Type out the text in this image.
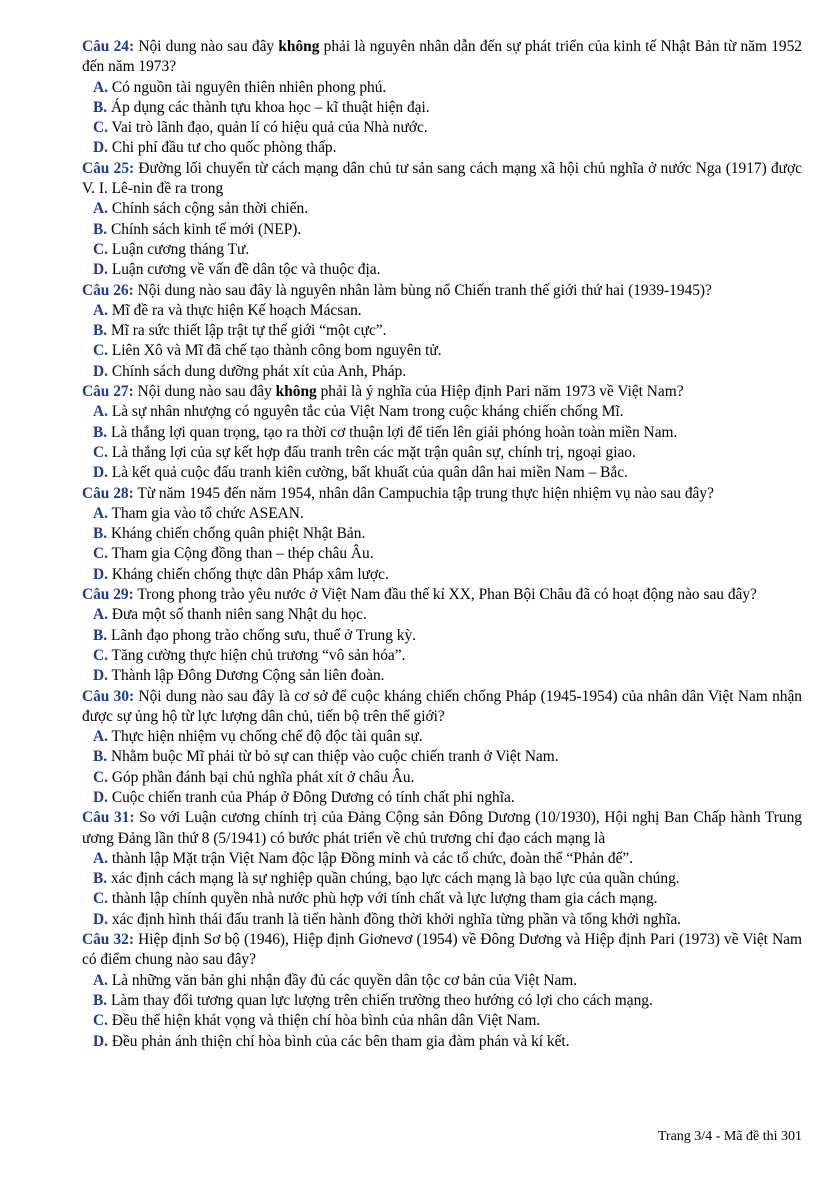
Câu 24: Nội dung nào sau đây không phải là nguyên nhân dẫn đến sự phát triển của kinh tế Nhật Bản từ năm 1952 đến năm 1973?

A. Có nguồn tài nguyên thiên nhiên phong phú.

B. Áp dụng các thành tựu khoa học – kĩ thuật hiện đại.

C. Vai trò lãnh đạo, quản lí có hiệu quả của Nhà nước.

D. Chi phí đầu tư cho quốc phòng thấp.

Câu 25: Đường lối chuyển từ cách mạng dân chủ tư sản sang cách mạng xã hội chủ nghĩa ở nước Nga (1917) được V. I. Lê-nin đề ra trong

A. Chính sách cộng sản thời chiến.

B. Chính sách kinh tế mới (NEP).

C. Luận cương tháng Tư.

D. Luận cương về vấn đề dân tộc và thuộc địa.

Câu 26: Nội dung nào sau đây là nguyên nhân làm bùng nổ Chiến tranh thế giới thứ hai (1939-1945)?

A. Mĩ đề ra và thực hiện Kế hoạch Mácsan.

B. Mĩ ra sức thiết lập trật tự thế giới “một cực”.

C. Liên Xô và Mĩ đã chế tạo thành công bom nguyên tử.

D. Chính sách dung dưỡng phát xít của Anh, Pháp.

Câu 27: Nội dung nào sau đây không phải là ý nghĩa của Hiệp định Pari năm 1973 về Việt Nam?

A. Là sự nhân nhượng có nguyên tắc của Việt Nam trong cuộc kháng chiến chống Mĩ.

B. Là thắng lợi quan trọng, tạo ra thời cơ thuận lợi để tiến lên giải phóng hoàn toàn miền Nam.

C. Là thắng lợi của sự kết hợp đấu tranh trên các mặt trận quân sự, chính trị, ngoại giao.

D. Là kết quả cuộc đấu tranh kiên cường, bất khuất của quân dân hai miền Nam – Bắc.

Câu 28: Từ năm 1945 đến năm 1954, nhân dân Campuchia tập trung thực hiện nhiệm vụ nào sau đây?

A. Tham gia vào tổ chức ASEAN.

B. Kháng chiến chống quân phiệt Nhật Bản.

C. Tham gia Cộng đồng than – thép châu Âu.

D. Kháng chiến chống thực dân Pháp xâm lược.

Câu 29: Trong phong trào yêu nước ở Việt Nam đầu thế kỉ XX, Phan Bội Châu đã có hoạt động nào sau đây?

A. Đưa một số thanh niên sang Nhật du học.

B. Lãnh đạo phong trào chống sưu, thuế ở Trung kỳ.

C. Tăng cường thực hiện chủ trương “vô sản hóa”.

D. Thành lập Đông Dương Cộng sản liên đoàn.

Câu 30: Nội dung nào sau đây là cơ sở để cuộc kháng chiến chống Pháp (1945-1954) của nhân dân Việt Nam nhận được sự ủng hộ từ lực lượng dân chủ, tiến bộ trên thế giới?

A. Thực hiện nhiệm vụ chống chế độ độc tài quân sự.

B. Nhằm buộc Mĩ phải từ bỏ sự can thiệp vào cuộc chiến tranh ở Việt Nam.

C. Góp phần đánh bại chủ nghĩa phát xít ở châu Âu.

D. Cuộc chiến tranh của Pháp ở Đông Dương có tính chất phi nghĩa.

Câu 31: So với Luận cương chính trị của Đảng Cộng sản Đông Dương (10/1930), Hội nghị Ban Chấp hành Trung ương Đảng lần thứ 8 (5/1941) có bước phát triển về chủ trương chỉ đạo cách mạng là

A. thành lập Mặt trận Việt Nam độc lập Đồng minh và các tổ chức, đoàn thể “Phản đế”.

B. xác định cách mạng là sự nghiệp quần chúng, bạo lực cách mạng là bạo lực của quần chúng.

C. thành lập chính quyền nhà nước phù hợp với tính chất và lực lượng tham gia cách mạng.

D. xác định hình thái đấu tranh là tiến hành đồng thời khởi nghĩa từng phần và tổng khởi nghĩa.

Câu 32: Hiệp định Sơ bộ (1946), Hiệp định Giơnevơ (1954) về Đông Dương và Hiệp định Pari (1973) về Việt Nam có điểm chung nào sau đây?

A. Là những văn bản ghi nhận đầy đủ các quyền dân tộc cơ bản của Việt Nam.

B. Làm thay đổi tương quan lực lượng trên chiến trường theo hướng có lợi cho cách mạng.

C. Đều thể hiện khát vọng và thiện chí hòa bình của nhân dân Việt Nam.

D. Đều phản ánh thiện chí hòa bình của các bên tham gia đàm phán và kí kết.

Trang 3/4 - Mã đề thi 301
